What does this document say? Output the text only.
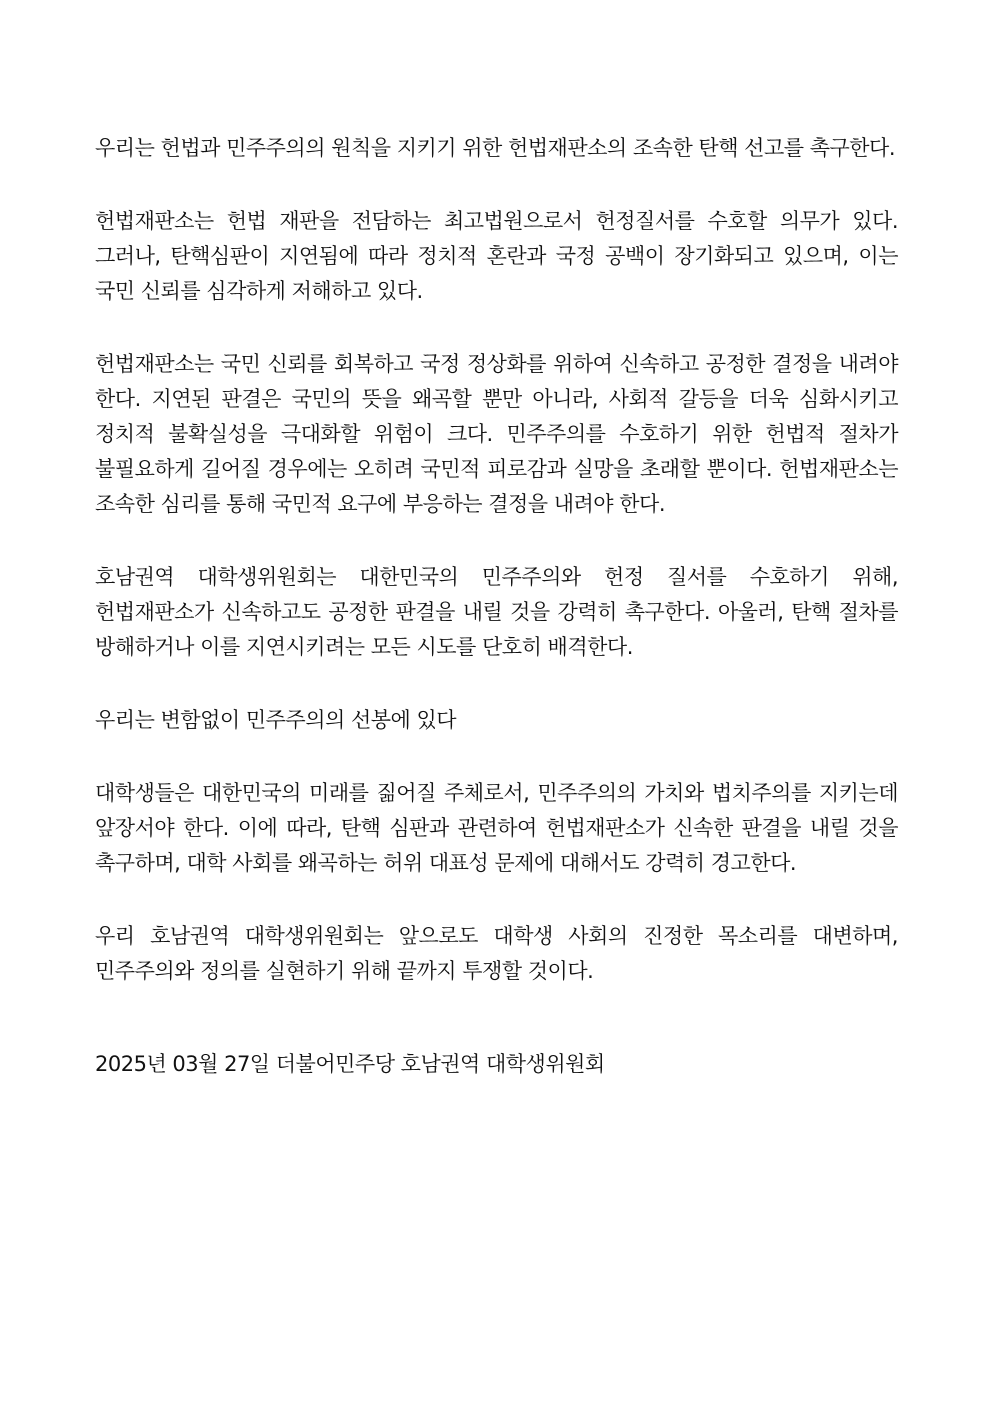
우리는 헌법과 민주주의의 원칙을 지키기 위한 헌법재판소의 조속한 탄핵 선고를 촉구한다.

헌법재판소는 헌법 재판을 전담하는 최고법원으로서 헌정질서를 수호할 의무가 있다. 그러나, 탄핵심판이 지연됨에 따라 정치적 혼란과 국정 공백이 장기화되고 있으며, 이는 국민 신뢰를 심각하게 저해하고 있다.

헌법재판소는 국민 신뢰를 회복하고 국정 정상화를 위하여 신속하고 공정한 결정을 내려야 한다. 지연된 판결은 국민의 뜻을 왜곡할 뿐만 아니라, 사회적 갈등을 더욱 심화시키고 정치적 불확실성을 극대화할 위험이 크다. 민주주의를 수호하기 위한 헌법적 절차가 불필요하게 길어질 경우에는 오히려 국민적 피로감과 실망을 초래할 뿐이다. 헌법재판소는 조속한 심리를 통해 국민적 요구에 부응하는 결정을 내려야 한다.

호남권역 대학생위원회는 대한민국의 민주주의와 헌정 질서를 수호하기 위해, 헌법재판소가 신속하고도 공정한 판결을 내릴 것을 강력히 촉구한다. 아울러, 탄핵 절차를 방해하거나 이를 지연시키려는 모든 시도를 단호히 배격한다.

우리는 변함없이 민주주의의 선봉에 있다

대학생들은 대한민국의 미래를 짊어질 주체로서, 민주주의의 가치와 법치주의를 지키는데 앞장서야 한다. 이에 따라, 탄핵 심판과 관련하여 헌법재판소가 신속한 판결을 내릴 것을 촉구하며, 대학 사회를 왜곡하는 허위 대표성 문제에 대해서도 강력히 경고한다.

우리 호남권역 대학생위원회는 앞으로도 대학생 사회의 진정한 목소리를 대변하며, 민주주의와 정의를 실현하기 위해 끝까지 투쟁할 것이다.

2025년 03월 27일 더불어민주당 호남권역 대학생위원회
